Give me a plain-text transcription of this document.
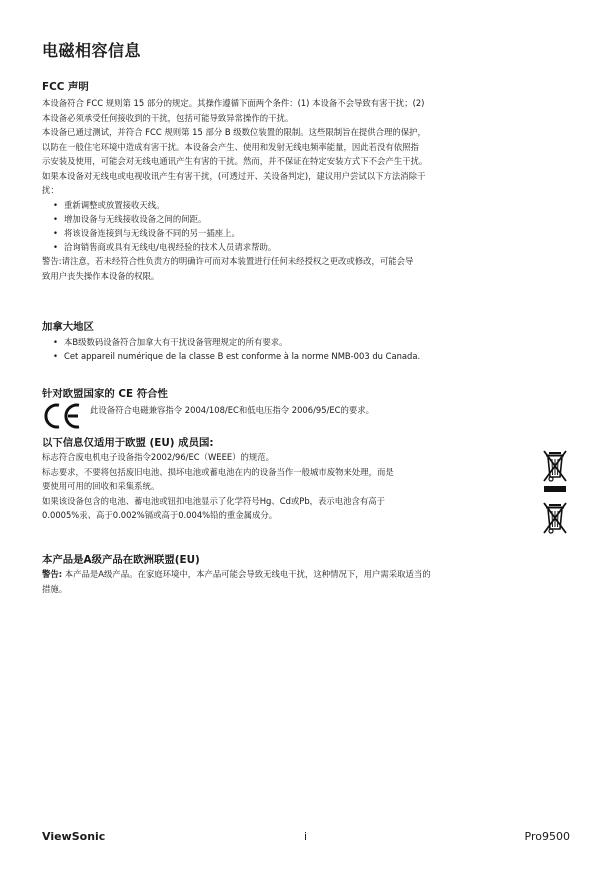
电磁相容信息
FCC 声明
本设备符合 FCC 规则第 15 部分的规定。其操作遵循下面两个条件：(1) 本设备不会导致有害干扰；(2)
本设备必须承受任何接收到的干扰，包括可能导致异常操作的干扰。
本设备已通过测试，并符合 FCC 规则第 15 部分 B 级数位装置的限制。这些限制旨在提供合理的保护，
以防在一般住宅环境中造成有害干扰。本设备会产生、使用和发射无线电频率能量，因此若没有依照指
示安装及使用，可能会对无线电通讯产生有害的干扰。然而，并不保证在特定安装方式下不会产生干扰。
如果本设备对无线电或电视收讯产生有害干扰，(可透过开、关设备判定)，建议用户尝试以下方法消除干
扰：
• 重新调整或放置接收天线。
• 增加设备与无线接收设备之间的间距。
• 将该设备连接到与无线设备不同的另一插座上。
• 洽询销售商或具有无线电/电视经验的技术人员请求帮助。
警告:请注意，若未经符合性负责方的明确许可而对本装置进行任何未经授权之更改或修改，可能会导
致用户丧失操作本设备的权限。
加拿大地区
• 本B级数码设备符合加拿大有干扰设备管理规定的所有要求。
• Cet appareil numérique de la classe B est conforme à la norme NMB-003 du Canada.
针对欧盟国家的 CE 符合性
此设备符合电磁兼容指令 2004/108/EC和低电压指令 2006/95/EC的要求。
以下信息仅适用于欧盟 (EU) 成员国:
标志符合废电机电子设备指令2002/96/EC（WEEE）的规范。
标志要求，不要将包括废旧电池、损坏电池或蓄电池在内的设备当作一般城市废物来处理，而是
要使用可用的回收和采集系统。
如果该设备包含的电池、蓄电池或钮扣电池显示了化学符号Hg、Cd或Pb，表示电池含有高于
0.0005%汞、高于0.002%镉或高于0.004%铅的重金属成分。
本产品是A级产品在欧洲联盟(EU)
警告: 本产品是A级产品。在家庭环境中，本产品可能会导致无线电干扰，这种情况下，用户需采取适当的
措施。
ViewSonic	i	Pro9500
